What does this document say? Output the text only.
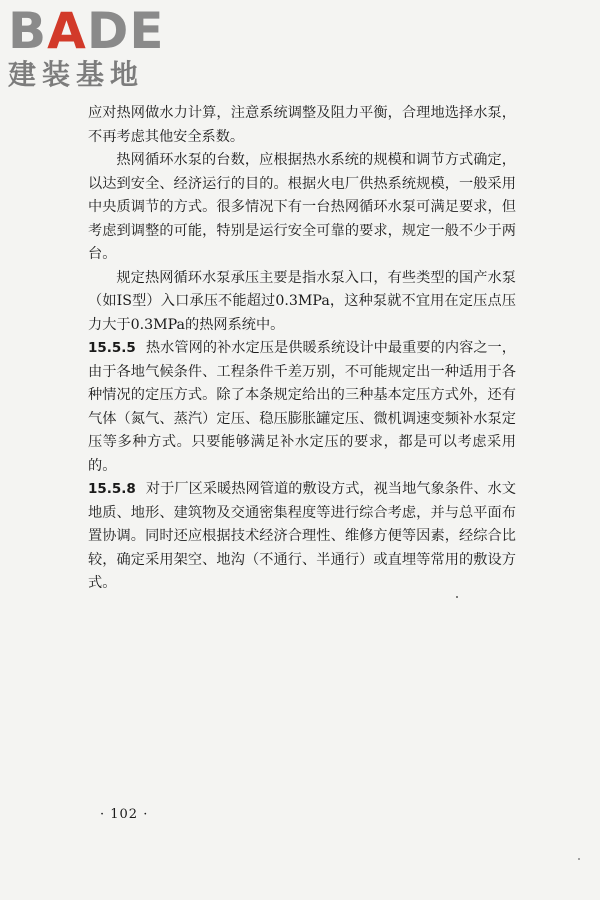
BADE
建装基地

应对热网做水力计算，注意系统调整及阻力平衡，合理地选择水泵，不再考虑其他安全系数。

热网循环水泵的台数，应根据热水系统的规模和调节方式确定，以达到安全、经济运行的目的。根据火电厂供热系统规模，一般采用中央质调节的方式。很多情况下有一台热网循环水泵可满足要求，但考虑到调整的可能，特别是运行安全可靠的要求，规定一般不少于两台。

规定热网循环水泵承压主要是指水泵入口，有些类型的国产水泵（如IS型）入口承压不能超过0.3MPa，这种泵就不宜用在定压点压力大于0.3MPa的热网系统中。

15.5.5 热水管网的补水定压是供暖系统设计中最重要的内容之一，由于各地气候条件、工程条件千差万别，不可能规定出一种适用于各种情况的定压方式。除了本条规定给出的三种基本定压方式外，还有气体（氮气、蒸汽）定压、稳压膨胀罐定压、微机调速变频补水泵定压等多种方式。只要能够满足补水定压的要求，都是可以考虑采用的。

15.5.8 对于厂区采暖热网管道的敷设方式，视当地气象条件、水文地质、地形、建筑物及交通密集程度等进行综合考虑，并与总平面布置协调。同时还应根据技术经济合理性、维修方便等因素，经综合比较，确定采用架空、地沟（不通行、半通行）或直埋等常用的敷设方式。

· 102 ·
